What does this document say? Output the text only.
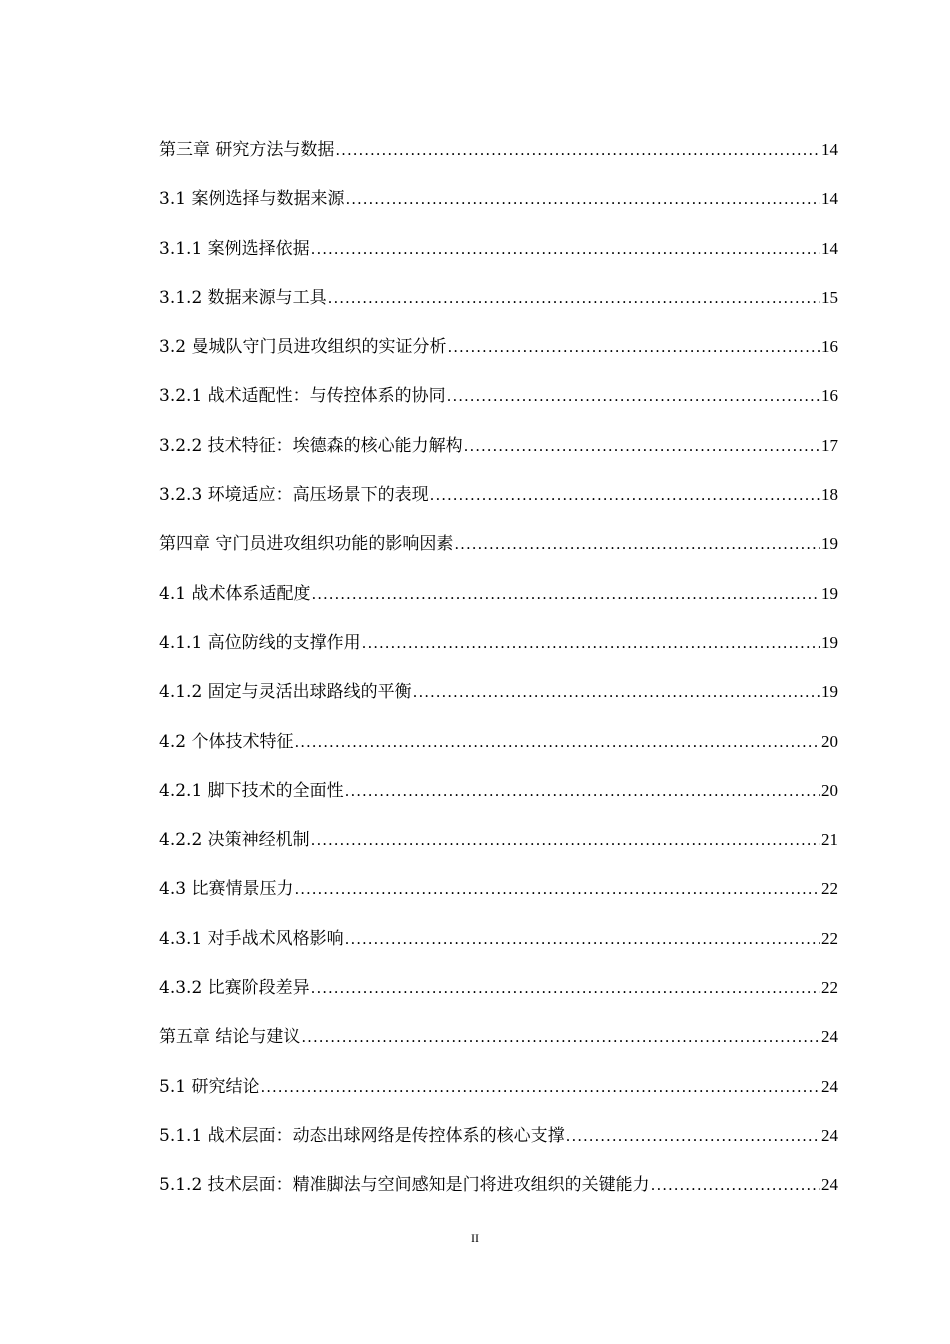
第三章 研究方法与数据 .....	14
3.1 案例选择与数据来源 .....	14
3.1.1 案例选择依据 .....	14
3.1.2 数据来源与工具 .....	15
3.2 曼城队守门员进攻组织的实证分析 .....	16
3.2.1 战术适配性：与传控体系的协同 .....	16
3.2.2 技术特征：埃德森的核心能力解构 .....	17
3.2.3 环境适应：高压场景下的表现 .....	18
第四章 守门员进攻组织功能的影响因素 .....	19
4.1 战术体系适配度 .....	19
4.1.1 高位防线的支撑作用 .....	19
4.1.2 固定与灵活出球路线的平衡 .....	19
4.2 个体技术特征 .....	20
4.2.1 脚下技术的全面性 .....	20
4.2.2 决策神经机制 .....	21
4.3 比赛情景压力 .....	22
4.3.1 对手战术风格影响 .....	22
4.3.2 比赛阶段差异 .....	22
第五章 结论与建议 .....	24
5.1 研究结论 .....	24
5.1.1 战术层面：动态出球网络是传控体系的核心支撑 .....	24
5.1.2 技术层面：精准脚法与空间感知是门将进攻组织的关键能力 .....	24
II
